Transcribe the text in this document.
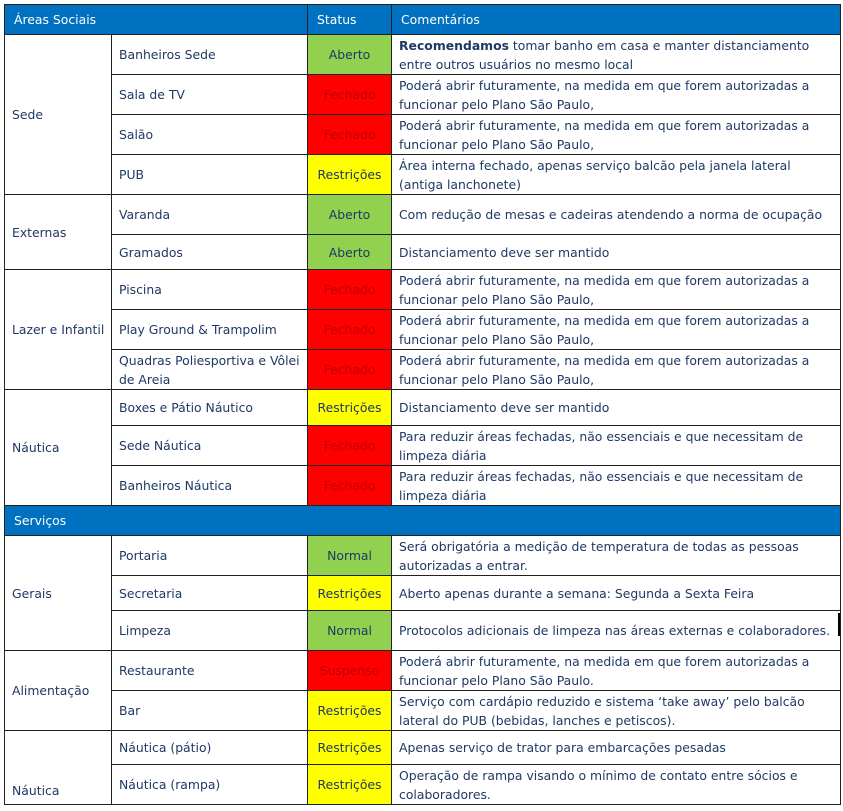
Áreas Sociais		Status	Comentários
Sede	Banheiros Sede	Aberto	Recomendamos tomar banho em casa e manter distanciamento entre outros usuários no mesmo local
	Sala de TV	Fechado	Poderá abrir futuramente, na medida em que forem autorizadas a funcionar pelo Plano São Paulo,
	Salão	Fechado	Poderá abrir futuramente, na medida em que forem autorizadas a funcionar pelo Plano São Paulo,
	PUB	Restrições	Área interna fechado, apenas serviço balcão pela janela lateral (antiga lanchonete)
Externas	Varanda	Aberto	Com redução de mesas e cadeiras atendendo a norma de ocupação
	Gramados	Aberto	Distanciamento deve ser mantido
Lazer e Infantil	Piscina	Fechado	Poderá abrir futuramente, na medida em que forem autorizadas a funcionar pelo Plano São Paulo,
	Play Ground & Trampolim	Fechado	Poderá abrir futuramente, na medida em que forem autorizadas a funcionar pelo Plano São Paulo,
	Quadras Poliesportiva e Vôlei de Areia	Fechado	Poderá abrir futuramente, na medida em que forem autorizadas a funcionar pelo Plano São Paulo,
Náutica	Boxes e Pátio Náutico	Restrições	Distanciamento deve ser mantido
	Sede Náutica	Fechado	Para reduzir áreas fechadas, não essenciais e que necessitam de limpeza diária
	Banheiros Náutica	Fechado	Para reduzir áreas fechadas, não essenciais e que necessitam de limpeza diária
Serviços			
Gerais	Portaria	Normal	Será obrigatória a medição de temperatura de todas as pessoas autorizadas a entrar.
	Secretaria	Restrições	Aberto apenas durante a semana: Segunda a Sexta Feira
	Limpeza	Normal	Protocolos adicionais de limpeza nas áreas externas e colaboradores.
Alimentação	Restaurante	Suspenso	Poderá abrir futuramente, na medida em que forem autorizadas a funcionar pelo Plano São Paulo.
	Bar	Restrições	Serviço com cardápio reduzido e sistema ‘take away’ pelo balcão lateral do PUB (bebidas, lanches e petiscos).
Náutica	Náutica (pátio)	Restrições	Apenas serviço de trator para embarcações pesadas
	Náutica (rampa)	Restrições	Operação de rampa visando o mínimo de contato entre sócios e colaboradores.
